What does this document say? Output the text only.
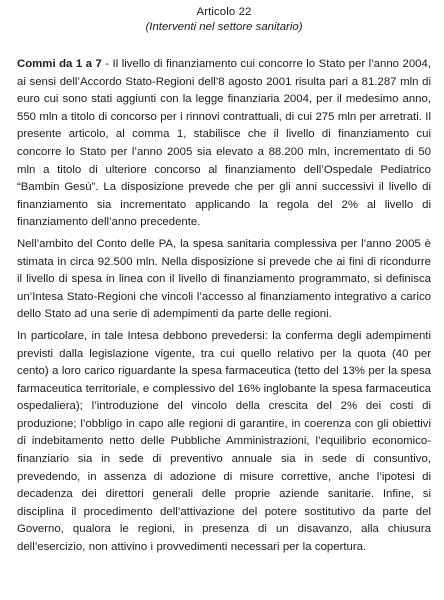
Articolo 22
(Interventi nel settore sanitario)

Commi da 1 a 7 - Il livello di finanziamento cui concorre lo Stato per l’anno 2004, ai sensi dell’Accordo Stato-Regioni dell’8 agosto 2001 risulta pari a 81.287 mln di euro cui sono stati aggiunti con la legge finanziaria 2004, per il medesimo anno, 550 mln a titolo di concorso per i rinnovi contrattuali, di cui 275 mln per arretrati. Il presente articolo, al comma 1, stabilisce che il livello di finanziamento cui concorre lo Stato per l’anno 2005 sia elevato a 88.200 mln, incrementato di 50 mln a titolo di ulteriore concorso al finanziamento dell’Ospedale Pediatrico “Bambin Gesù”. La disposizione prevede che per gli anni successivi il livello di finanziamento sia incrementato applicando la regola del 2% al livello di finanziamento dell’anno precedente.

Nell’ambito del Conto delle PA, la spesa sanitaria complessiva per l’anno 2005 è stimata in circa 92.500 mln. Nella disposizione si prevede che ai fini di ricondurre il livello di spesa in linea con il livello di finanziamento programmato, si definisca un’Intesa Stato-Regioni che vincoli l’accesso al finanziamento integrativo a carico dello Stato ad una serie di adempimenti da parte delle regioni.

In particolare, in tale Intesa debbono prevedersi: la conferma degli adempimenti previsti dalla legislazione vigente, tra cui quello relativo per la quota (40 per cento) a loro carico riguardante la spesa farmaceutica (tetto del 13% per la spesa farmaceutica territoriale, e complessivo del 16% inglobante la spesa farmaceutica ospedaliera); l’introduzione del vincolo della crescita del 2% dei costi di produzione; l’obbligo in capo alle regioni di garantire, in coerenza con gli obiettivi di indebitamento netto delle Pubbliche Amministrazioni, l’equilibrio economico-finanziario sia in sede di preventivo annuale sia in sede di consuntivo, prevedendo, in assenza di adozione di misure correttive, anche l’ipotesi di decadenza dei direttori generali delle proprie aziende sanitarie. Infine, si disciplina il procedimento dell’attivazione del potere sostitutivo da parte del Governo, qualora le regioni, in presenza di un disavanzo, alla chiusura dell’esercizio, non attivino i provvedimenti necessari per la copertura.
